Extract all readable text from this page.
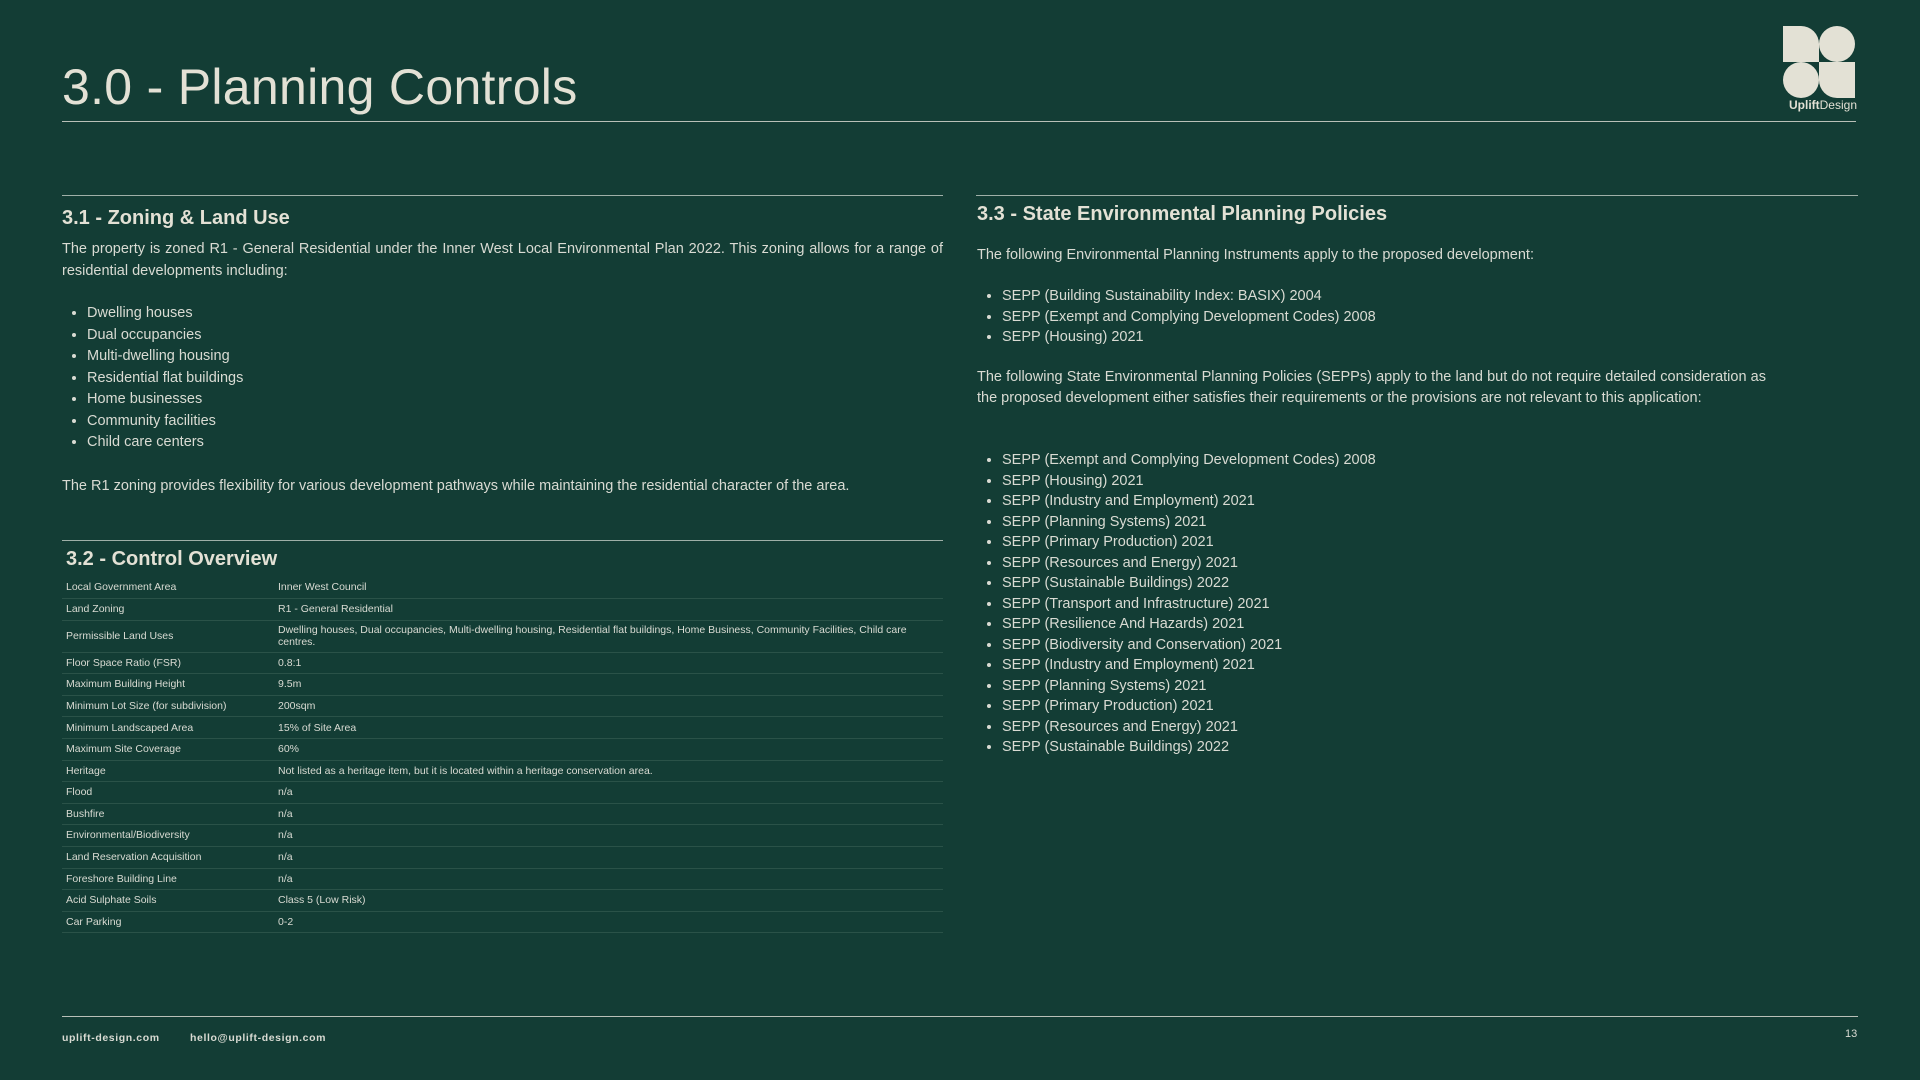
3.0 - Planning Controls	UpliftDesign
3.1 - Zoning & Land Use

The property is zoned R1 - General Residential under the Inner West Local Environmental Plan 2022. This zoning allows for a range of residential developments including:

• Dwelling houses
• Dual occupancies
• Multi-dwelling housing
• Residential flat buildings
• Home businesses
• Community facilities
• Child care centers

The R1 zoning provides flexibility for various development pathways while maintaining the residential character of the area.

3.2 - Control Overview
Local Government Area	Inner West Council
Land Zoning	R1 - General Residential
Permissible Land Uses	Dwelling houses, Dual occupancies, Multi-dwelling housing, Residential flat buildings, Home Business, Community Facilities, Child care centres.
Floor Space Ratio (FSR)	0.8:1
Maximum Building Height	9.5m
Minimum Lot Size (for subdivision)	200sqm
Minimum Landscaped Area	15% of Site Area
Maximum Site Coverage	60%
Heritage	Not listed as a heritage item, but it is located within a heritage conservation area.
Flood	n/a
Bushfire	n/a
Environmental/Biodiversity	n/a
Land Reservation Acquisition	n/a
Foreshore Building Line	n/a
Acid Sulphate Soils	Class 5 (Low Risk)
Car Parking	0-2
3.3 - State Environmental Planning Policies

The following Environmental Planning Instruments apply to the proposed development:

• SEPP (Building Sustainability Index: BASIX) 2004
• SEPP (Exempt and Complying Development Codes) 2008
• SEPP (Housing) 2021

The following State Environmental Planning Policies (SEPPs) apply to the land but do not require detailed consideration as the proposed development either satisfies their requirements or the provisions are not relevant to this application:

• SEPP (Exempt and Complying Development Codes) 2008
• SEPP (Housing) 2021
• SEPP (Industry and Employment) 2021
• SEPP (Planning Systems) 2021
• SEPP (Primary Production) 2021
• SEPP (Resources and Energy) 2021
• SEPP (Sustainable Buildings) 2022
• SEPP (Transport and Infrastructure) 2021
• SEPP (Resilience And Hazards) 2021
• SEPP (Biodiversity and Conservation) 2021
• SEPP (Industry and Employment) 2021
• SEPP (Planning Systems) 2021
• SEPP (Primary Production) 2021
• SEPP (Resources and Energy) 2021
• SEPP (Sustainable Buildings) 2022
uplift-design.com	hello@uplift-design.com	13
